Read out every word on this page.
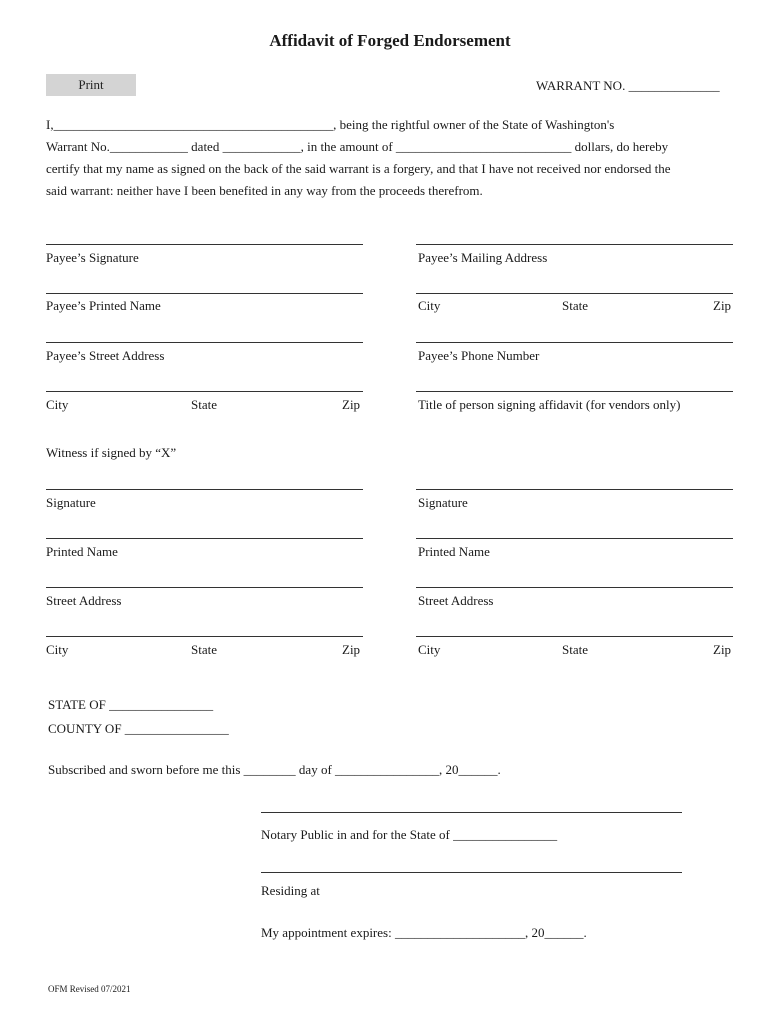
Affidavit of Forged Endorsement
Print	WARRANT NO. ______________
I,___________________________________________, being the rightful owner of the State of Washington's
Warrant No.____________ dated ____________, in the amount of ___________________________ dollars, do hereby
certify that my name as signed on the back of the said warrant is a forgery, and that I have not received nor endorsed the
said warrant: neither have I been benefited in any way from the proceeds therefrom.
Payee’s Signature
Payee’s Printed Name
Payee’s Street Address
City	State	Zip
Payee’s Mailing Address
City	State	Zip
Payee’s Phone Number
Title of person signing affidavit (for vendors only)
Witness if signed by “X”
Signature
Printed Name
Street Address
City	State	Zip
Signature
Printed Name
Street Address
City	State	Zip
STATE OF ________________
COUNTY OF ________________
Subscribed and sworn before me this ________ day of ________________, 20______.
Notary Public in and for the State of ________________
Residing at
My appointment expires: ____________________, 20______.
OFM Revised 07/2021
